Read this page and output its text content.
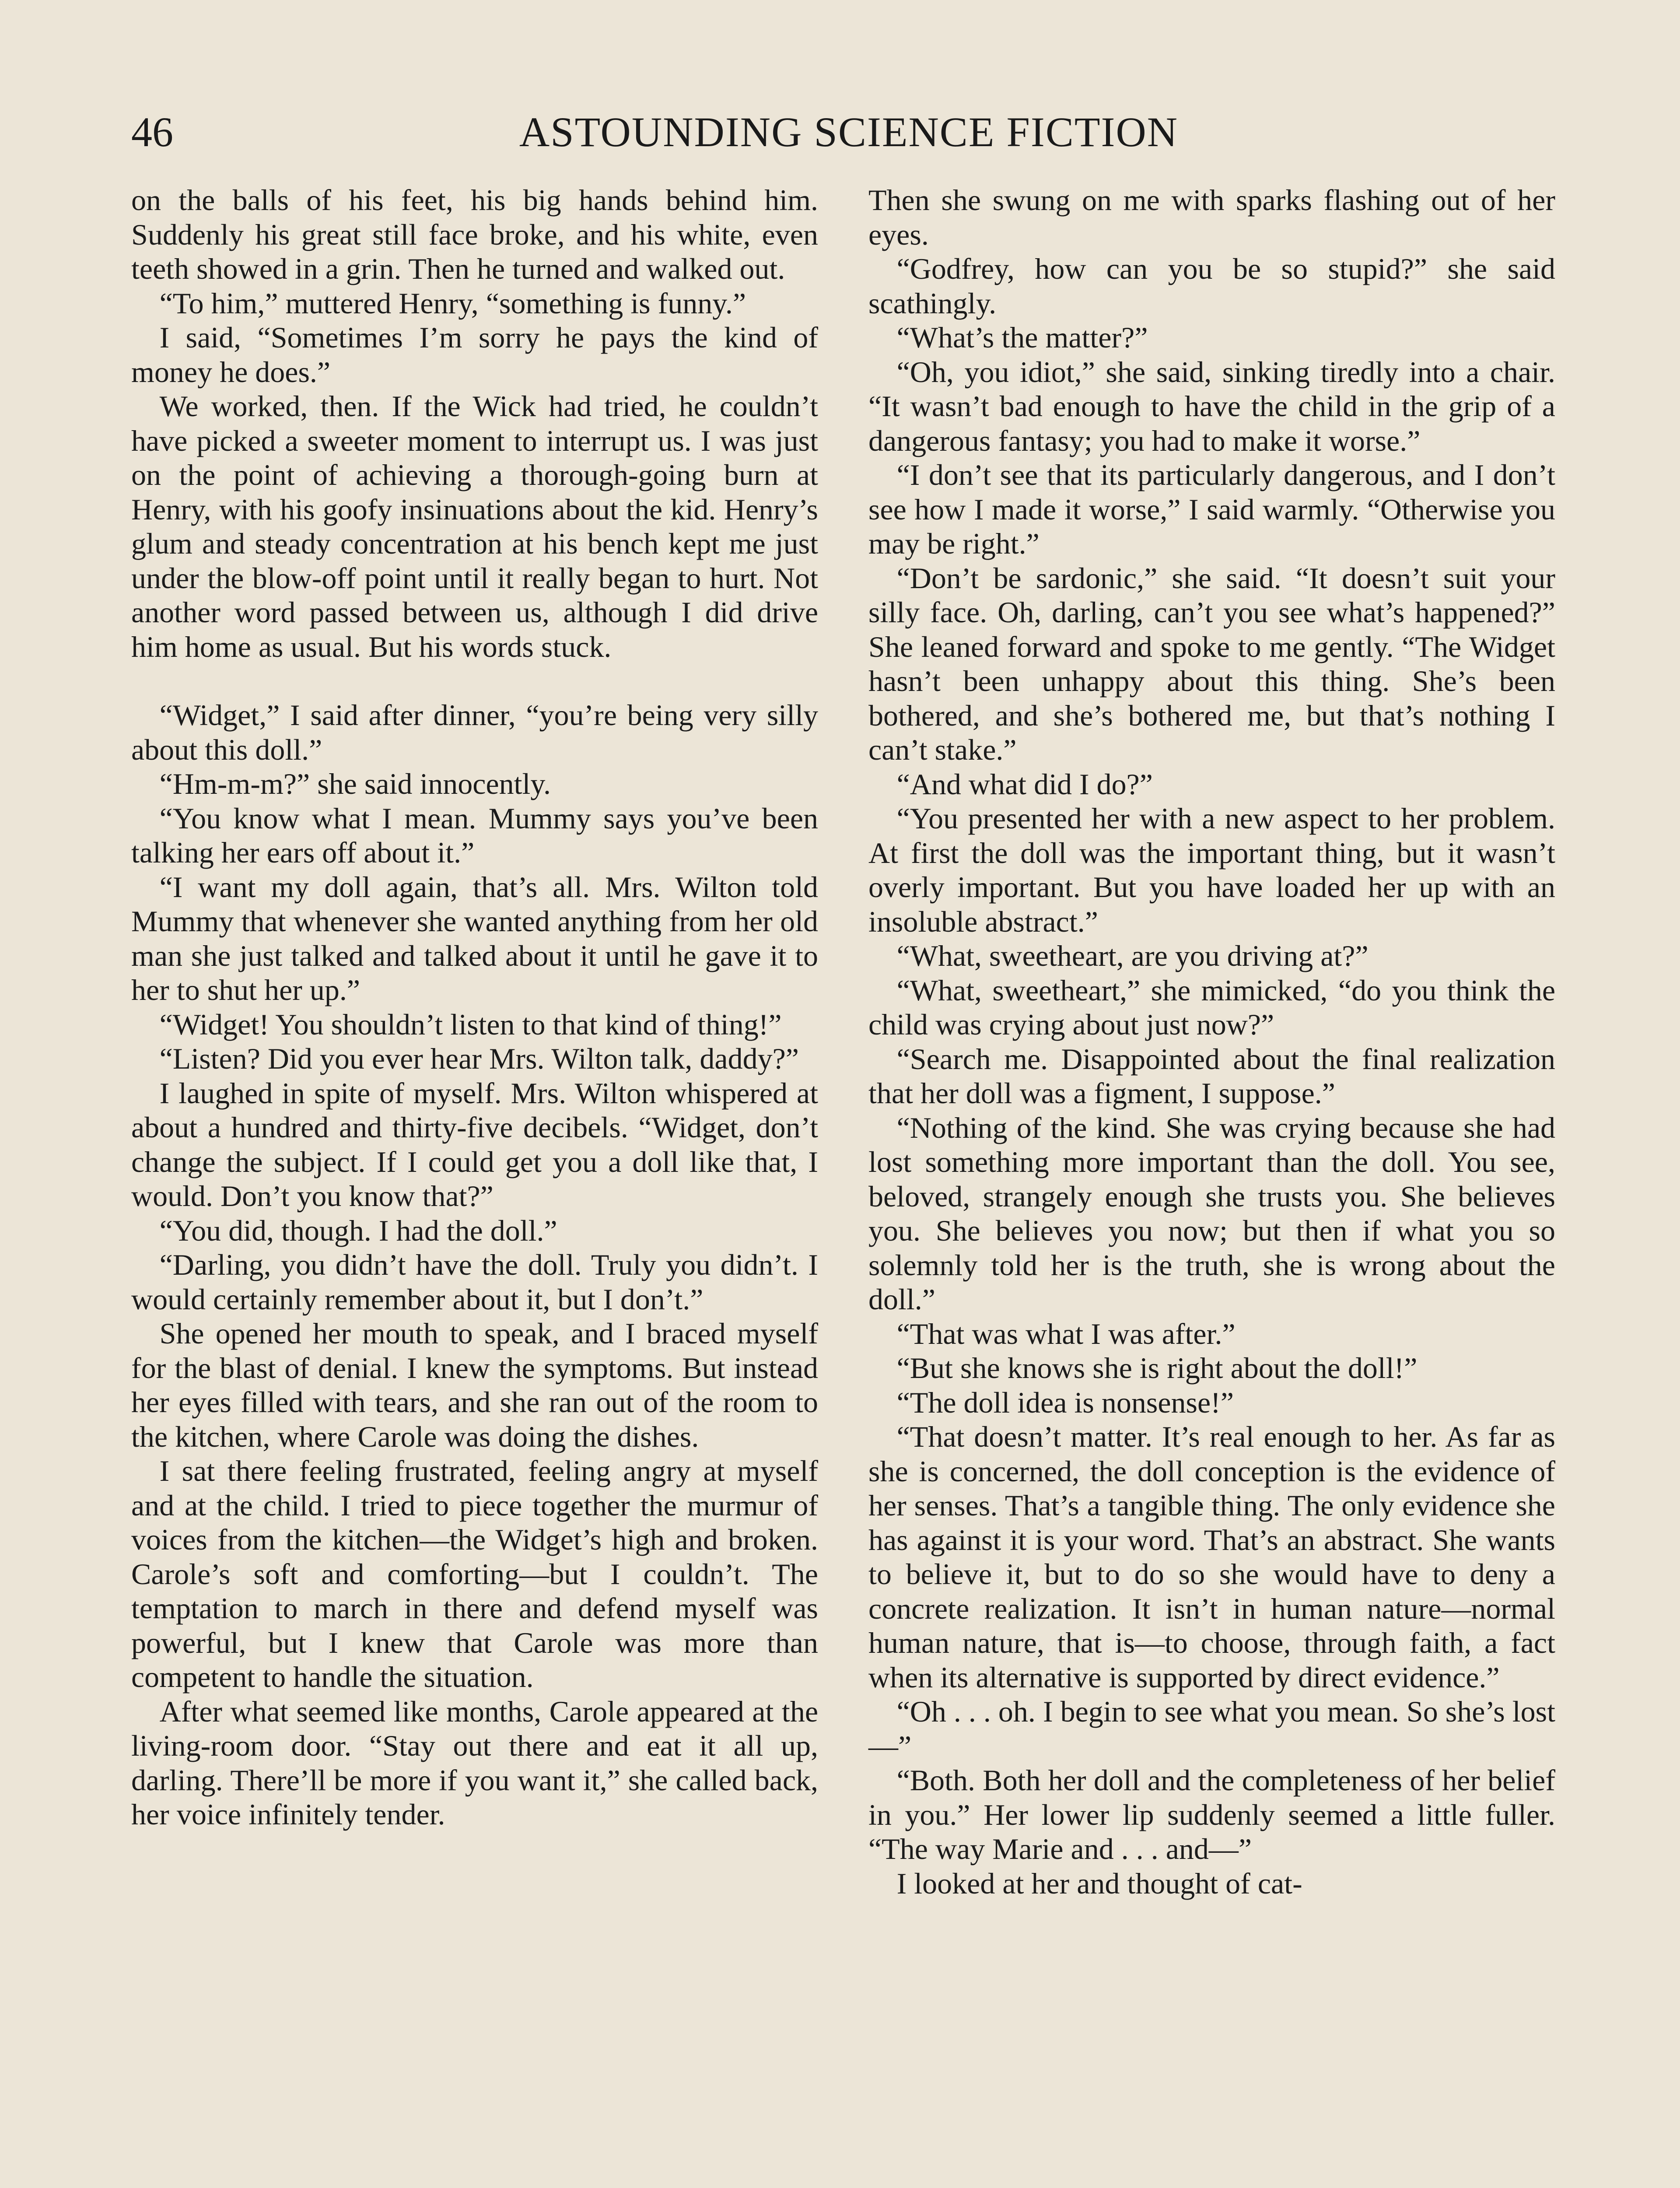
46	ASTOUNDING SCIENCE FICTION

on the balls of his feet, his big hands behind him. Suddenly his great still face broke, and his white, even teeth showed in a grin. Then he turned and walked out.

“To him,” muttered Henry, “something is funny.”

I said, “Sometimes I’m sorry he pays the kind of money he does.”

We worked, then. If the Wick had tried, he couldn’t have picked a sweeter moment to interrupt us. I was just on the point of achieving a thorough-going burn at Henry, with his goofy insinuations about the kid. Henry’s glum and steady concentration at his bench kept me just under the blow-off point until it really began to hurt. Not another word passed between us, although I did drive him home as usual. But his words stuck.

“Widget,” I said after dinner, “you’re being very silly about this doll.”

“Hm-m-m?” she said innocently.

“You know what I mean. Mummy says you’ve been talking her ears off about it.”

“I want my doll again, that’s all. Mrs. Wilton told Mummy that whenever she wanted anything from her old man she just talked and talked about it until he gave it to her to shut her up.”

“Widget! You shouldn’t listen to that kind of thing!”

“Listen? Did you ever hear Mrs. Wilton talk, daddy?”

I laughed in spite of myself. Mrs. Wilton whispered at about a hundred and thirty-five decibels. “Widget, don’t change the subject. If I could get you a doll like that, I would. Don’t you know that?”

“You did, though. I had the doll.”

“Darling, you didn’t have the doll. Truly you didn’t. I would certainly remember about it, but I don’t.”

She opened her mouth to speak, and I braced myself for the blast of denial. I knew the symptoms. But instead her eyes filled with tears, and she ran out of the room to the kitchen, where Carole was doing the dishes.

I sat there feeling frustrated, feeling angry at myself and at the child. I tried to piece together the murmur of voices from the kitchen—the Widget’s high and broken. Carole’s soft and comforting—but I couldn’t. The temptation to march in there and defend myself was powerful, but I knew that Carole was more than competent to handle the situation.

After what seemed like months, Carole appeared at the living-room door. “Stay out there and eat it all up, darling. There’ll be more if you want it,” she called back, her voice infinitely tender.

Then she swung on me with sparks flashing out of her eyes.

“Godfrey, how can you be so stupid?” she said scathingly.

“What’s the matter?”

“Oh, you idiot,” she said, sinking tiredly into a chair. “It wasn’t bad enough to have the child in the grip of a dangerous fantasy; you had to make it worse.”

“I don’t see that its particularly dangerous, and I don’t see how I made it worse,” I said warmly. “Otherwise you may be right.”

“Don’t be sardonic,” she said. “It doesn’t suit your silly face. Oh, darling, can’t you see what’s happened?” She leaned forward and spoke to me gently. “The Widget hasn’t been unhappy about this thing. She’s been bothered, and she’s bothered me, but that’s nothing I can’t stake.”

“And what did I do?”

“You presented her with a new aspect to her problem. At first the doll was the important thing, but it wasn’t overly important. But you have loaded her up with an insoluble abstract.”

“What, sweetheart, are you driving at?”

“What, sweetheart,” she mimicked, “do you think the child was crying about just now?”

“Search me. Disappointed about the final realization that her doll was a figment, I suppose.”

“Nothing of the kind. She was crying because she had lost something more important than the doll. You see, beloved, strangely enough she trusts you. She believes you. She believes you now; but then if what you so solemnly told her is the truth, she is wrong about the doll.”

“That was what I was after.”

“But she knows she is right about the doll!”

“The doll idea is nonsense!”

“That doesn’t matter. It’s real enough to her. As far as she is concerned, the doll conception is the evidence of her senses. That’s a tangible thing. The only evidence she has against it is your word. That’s an abstract. She wants to believe it, but to do so she would have to deny a concrete realization. It isn’t in human nature—normal human nature, that is—to choose, through faith, a fact when its alternative is supported by direct evidence.”

“Oh . . . oh. I begin to see what you mean. So she’s lost—”

“Both. Both her doll and the completeness of her belief in you.” Her lower lip suddenly seemed a little fuller. “The way Marie and . . . and—”

I looked at her and thought of cat-
